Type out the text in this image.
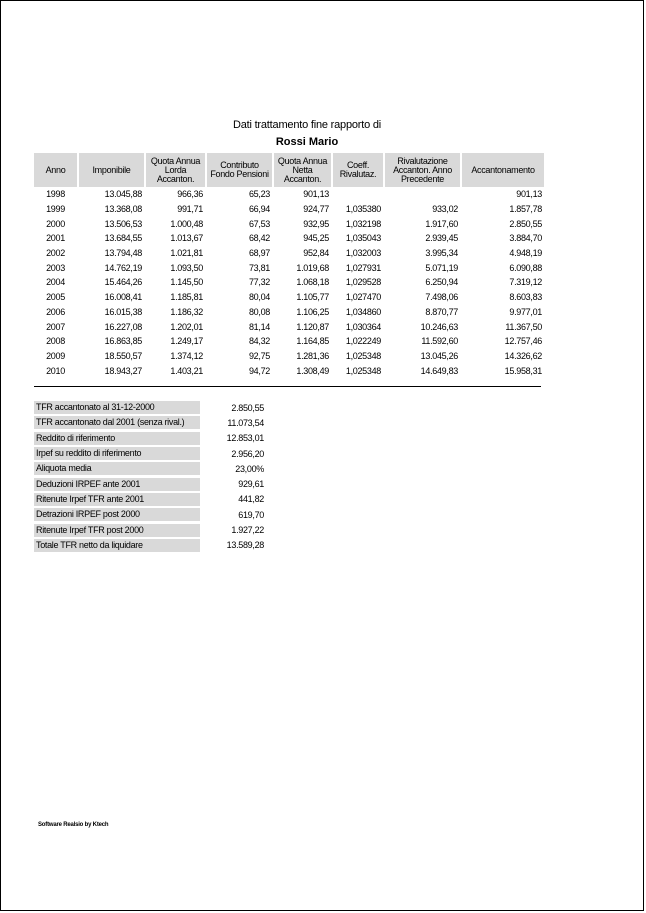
Dati trattamento fine rapporto di
Rossi Mario
Anno	Imponibile	Quota Annua Lorda Accanton.	Contributo Fondo Pensioni	Quota Annua Netta Accanton.	Coeff. Rivalutaz.	Rivalutazione Accanton. Anno Precedente	Accantonamento
1998	13.045,88	966,36	65,23	901,13			901,13
1999	13.368,08	991,71	66,94	924,77	1,035380	933,02	1.857,78
2000	13.506,53	1.000,48	67,53	932,95	1,032198	1.917,60	2.850,55
2001	13.684,55	1.013,67	68,42	945,25	1,035043	2.939,45	3.884,70
2002	13.794,48	1.021,81	68,97	952,84	1,032003	3.995,34	4.948,19
2003	14.762,19	1.093,50	73,81	1.019,68	1,027931	5.071,19	6.090,88
2004	15.464,26	1.145,50	77,32	1.068,18	1,029528	6.250,94	7.319,12
2005	16.008,41	1.185,81	80,04	1.105,77	1,027470	7.498,06	8.603,83
2006	16.015,38	1.186,32	80,08	1.106,25	1,034860	8.870,77	9.977,01
2007	16.227,08	1.202,01	81,14	1.120,87	1,030364	10.246,63	11.367,50
2008	16.863,85	1.249,17	84,32	1.164,85	1,022249	11.592,60	12.757,46
2009	18.550,57	1.374,12	92,75	1.281,36	1,025348	13.045,26	14.326,62
2010	18.943,27	1.403,21	94,72	1.308,49	1,025348	14.649,83	15.958,31
TFR accantonato al 31-12-2000	2.850,55
TFR accantonato dal 2001 (senza rival.)	11.073,54
Reddito di riferimento	12.853,01
Irpef su reddito di riferimento	2.956,20
Aliquota media	23,00%
Deduzioni IRPEF ante 2001	929,61
Ritenute Irpef TFR ante 2001	441,82
Detrazioni IRPEF post 2000	619,70
Ritenute Irpef TFR post 2000	1.927,22
Totale TFR netto da liquidare	13.589,28
Software Realsio by Ktech
